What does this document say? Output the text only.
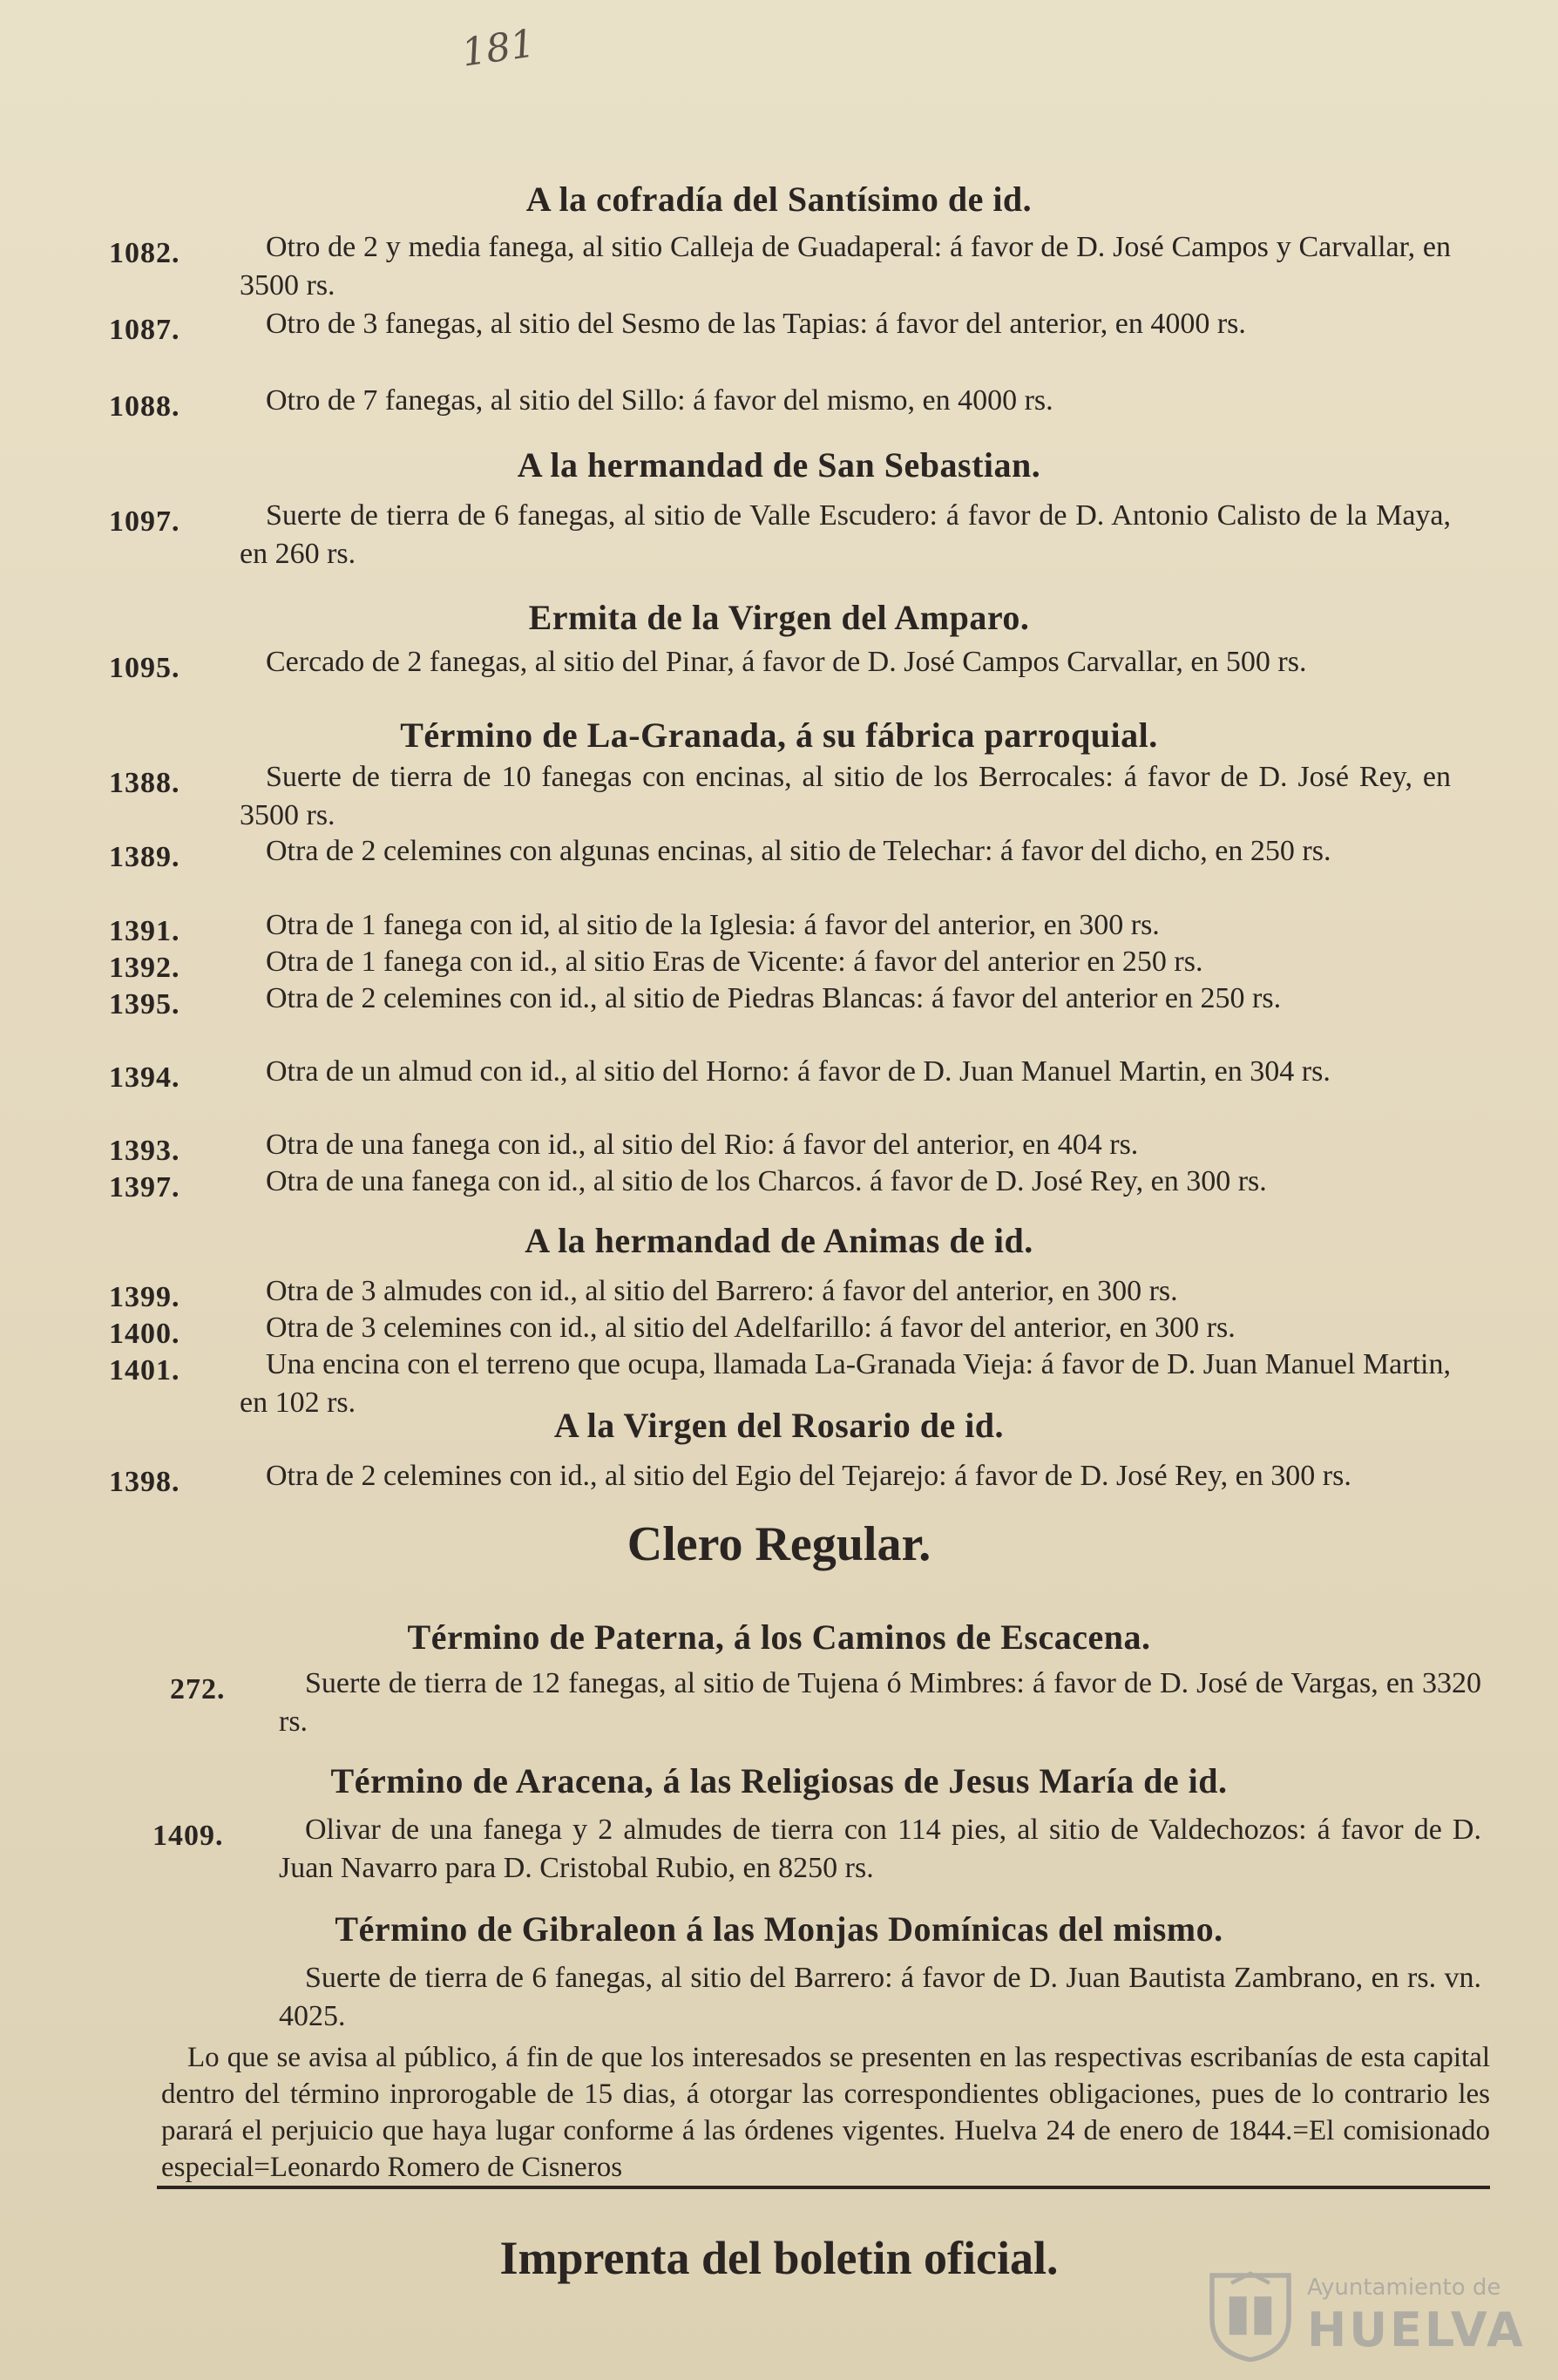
181
A la cofradía del Santísimo de id.
1082.	Otro de 2 y media fanega, al sitio Calleja de Guadaperal: á favor de D. José Campos y Carvallar, en 3500 rs.
1087.	Otro de 3 fanegas, al sitio del Sesmo de las Tapias: á favor del anterior, en 4000 rs.
1088.	Otro de 7 fanegas, al sitio del Sillo: á favor del mismo, en 4000 rs.
A la hermandad de San Sebastian.
1097.	Suerte de tierra de 6 fanegas, al sitio de Valle Escudero: á favor de D. Antonio Calisto de la Maya, en 260 rs.
Ermita de la Virgen del Amparo.
1095.	Cercado de 2 fanegas, al sitio del Pinar, á favor de D. José Campos Carvallar, en 500 rs.
Término de La-Granada, á su fábrica parroquial.
1388.	Suerte de tierra de 10 fanegas con encinas, al sitio de los Berrocales: á favor de D. José Rey, en 3500 rs.
1389.	Otra de 2 celemines con algunas encinas, al sitio de Telechar: á favor del dicho, en 250 rs.
1391.	Otra de 1 fanega con id, al sitio de la Iglesia: á favor del anterior, en 300 rs.
1392.	Otra de 1 fanega con id., al sitio Eras de Vicente: á favor del anterior en 250 rs.
1395.	Otra de 2 celemines con id., al sitio de Piedras Blancas: á favor del anterior en 250 rs.
1394.	Otra de un almud con id., al sitio del Horno: á favor de D. Juan Manuel Martin, en 304 rs.
1393.	Otra de una fanega con id., al sitio del Rio: á favor del anterior, en 404 rs.
1397.	Otra de una fanega con id., al sitio de los Charcos. á favor de D. José Rey, en 300 rs.
A la hermandad de Animas de id.
1399.	Otra de 3 almudes con id., al sitio del Barrero: á favor del anterior, en 300 rs.
1400.	Otra de 3 celemines con id., al sitio del Adelfarillo: á favor del anterior, en 300 rs.
1401.	Una encina con el terreno que ocupa, llamada La-Granada Vieja: á favor de D. Juan Manuel Martin, en 102 rs.
A la Virgen del Rosario de id.
1398.	Otra de 2 celemines con id., al sitio del Egio del Tejarejo: á favor de D. José Rey, en 300 rs.
Clero Regular.
Término de Paterna, á los Caminos de Escacena.
272.	Suerte de tierra de 12 fanegas, al sitio de Tujena ó Mimbres: á favor de D. José de Vargas, en 3320 rs.
Término de Aracena, á las Religiosas de Jesus María de id.
1409.	Olivar de una fanega y 2 almudes de tierra con 114 pies, al sitio de Valdechozos: á favor de D. Juan Navarro para D. Cristobal Rubio, en 8250 rs.
Término de Gibraleon á las Monjas Domínicas del mismo.
Suerte de tierra de 6 fanegas, al sitio del Barrero: á favor de D. Juan Bautista Zambrano, en rs. vn. 4025.
Lo que se avisa al público, á fin de que los interesados se presenten en las respectivas escribanías de esta capital dentro del término inprorogable de 15 dias, á otorgar las correspondientes obligaciones, pues de lo contrario les parará el perjuicio que haya lugar conforme á las órdenes vigentes. Huelva 24 de enero de 1844.=El comisionado especial=Leonardo Romero de Cisneros
Imprenta del boletin oficial.
Ayuntamiento de
HUELVA
